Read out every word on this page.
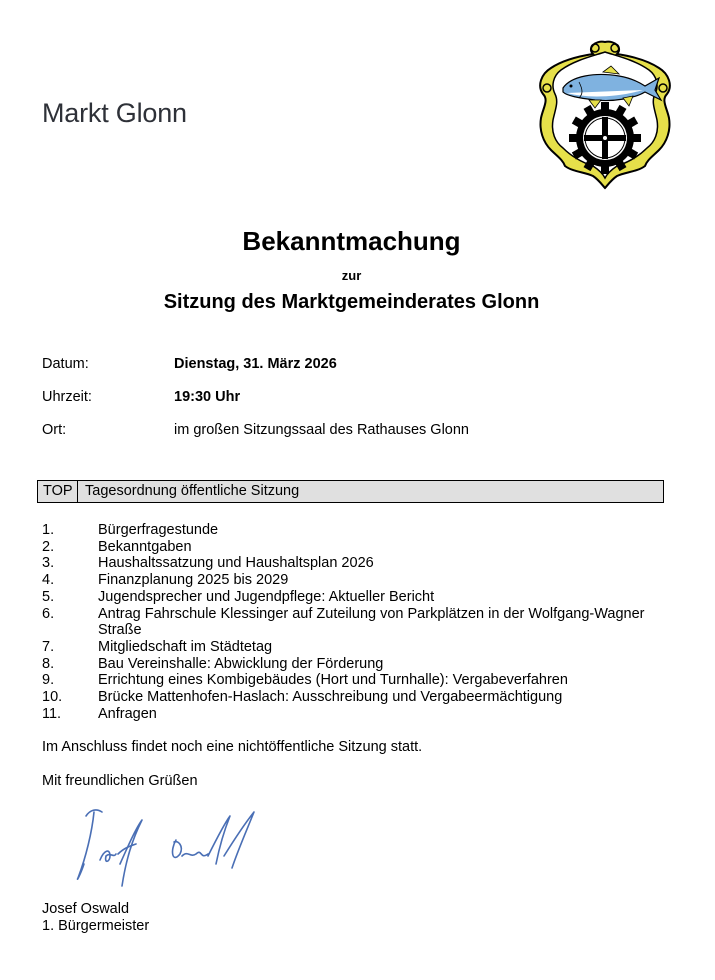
Markt Glonn
Bekanntmachung
zur
Sitzung des Marktgemeinderates Glonn
Datum:	Dienstag, 31. März 2026
Uhrzeit:	19:30 Uhr
Ort:	im großen Sitzungssaal des Rathauses Glonn
TOP Tagesordnung öffentliche Sitzung
1.	Bürgerfragestunde
2.	Bekanntgaben
3.	Haushaltssatzung und Haushaltsplan 2026
4.	Finanzplanung 2025 bis 2029
5.	Jugendsprecher und Jugendpflege: Aktueller Bericht
6.	Antrag Fahrschule Klessinger auf Zuteilung von Parkplätzen in der Wolfgang-Wagner Straße
7.	Mitgliedschaft im Städtetag
8.	Bau Vereinshalle: Abwicklung der Förderung
9.	Errichtung eines Kombigebäudes (Hort und Turnhalle): Vergabeverfahren
10.	Brücke Mattenhofen-Haslach: Ausschreibung und Vergabeermächtigung
11.	Anfragen
Im Anschluss findet noch eine nichtöffentliche Sitzung statt.
Mit freundlichen Grüßen
Josef Oswald
1. Bürgermeister
